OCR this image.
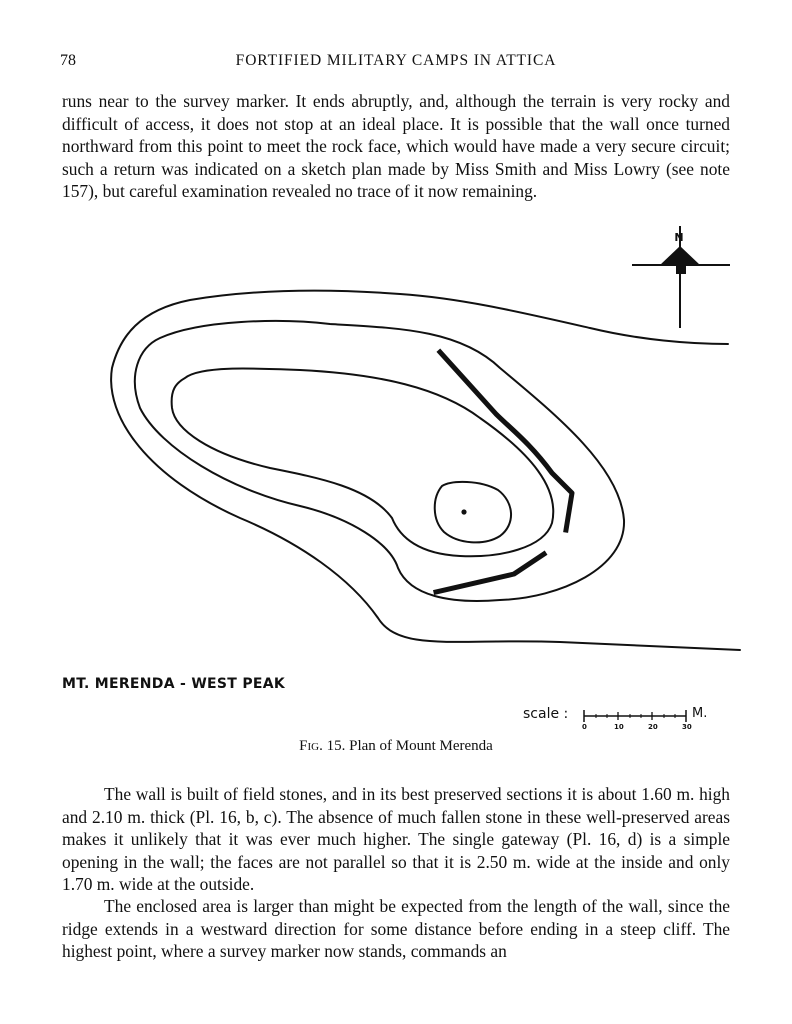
78	FORTIFIED MILITARY CAMPS IN ATTICA

runs near to the survey marker. It ends abruptly, and, although the terrain is very rocky and difficult of access, it does not stop at an ideal place. It is possible that the wall once turned northward from this point to meet the rock face, which would have made a very secure circuit; such a return was indicated on a sketch plan made by Miss Smith and Miss Lowry (see note 157), but careful examination revealed no trace of it now remaining.

N
MT. MERENDA - WEST PEAK
scale :
0	10	20	30
M.
Fig. 15. Plan of Mount Merenda

The wall is built of field stones, and in its best preserved sections it is about 1.60 m. high and 2.10 m. thick (Pl. 16, b, c). The absence of much fallen stone in these well-preserved areas makes it unlikely that it was ever much higher. The single gateway (Pl. 16, d) is a simple opening in the wall; the faces are not parallel so that it is 2.50 m. wide at the inside and only 1.70 m. wide at the outside.

The enclosed area is larger than might be expected from the length of the wall, since the ridge extends in a westward direction for some distance before ending in a steep cliff. The highest point, where a survey marker now stands, commands an
